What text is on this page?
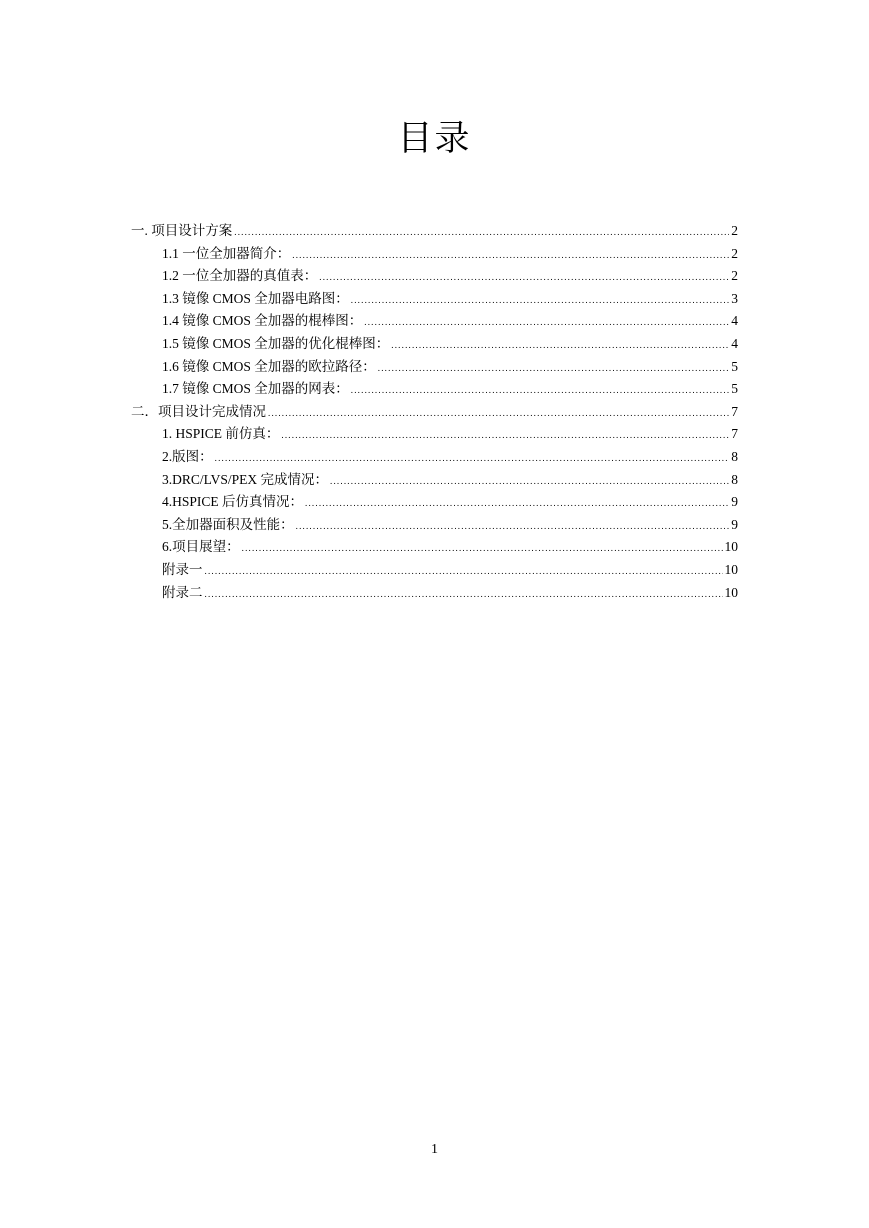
目录
一. 项目设计方案 .....	2
1.1 一位全加器简介： .....	2
1.2 一位全加器的真值表： .....	2
1.3 镜像 CMOS 全加器电路图： .....	3
1.4 镜像 CMOS 全加器的棍棒图： .....	4
1.5 镜像 CMOS 全加器的优化棍棒图： .....	4
1.6 镜像 CMOS 全加器的欧拉路径： .....	5
1.7 镜像 CMOS 全加器的网表： .....	5
二．项目设计完成情况 .....	7
1. HSPICE 前仿真： .....	7
2.版图： .....	8
3.DRC/LVS/PEX 完成情况： .....	8
4.HSPICE 后仿真情况： .....	9
5.全加器面积及性能： .....	9
6.项目展望： .....	10
附录一 .....	10
附录二 .....	10
1
